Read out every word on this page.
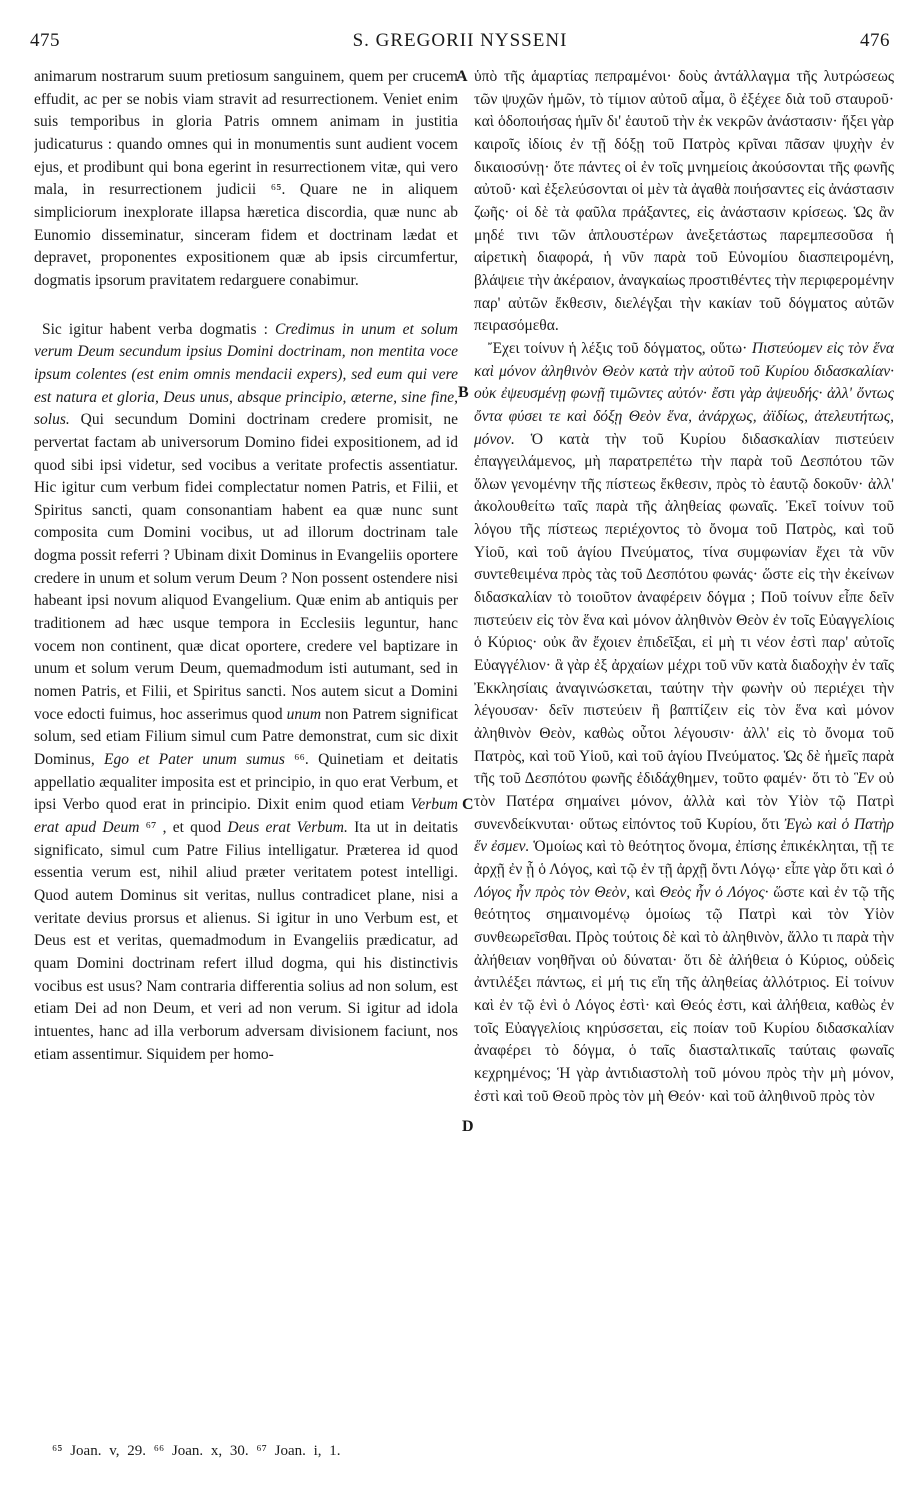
475	S. GREGORII NYSSENI	476

animarum nostrarum suum pretiosum sanguinem, quem per crucem effudit, ac per se nobis viam stravit ad resurrectionem. Veniet enim suis temporibus in gloria Patris omnem animam in justitia judicaturus : quando omnes qui in monumentis sunt audient vocem ejus, et prodibunt qui bona egerint in resurrectionem vitæ, qui vero mala, in resurrectionem judicii ⁶⁵. Quare ne in aliquem simpliciorum inexplorate illapsa hæretica discordia, quæ nunc ab Eunomio disseminatur, sinceram fidem et doctrinam lædat et depravet, proponentes expositionem quæ ab ipsis circumfertur, dogmatis ipsorum pravitatem redarguere conabimur.

Sic igitur habent verba dogmatis : Credimus in unum et solum verum Deum secundum ipsius Domini doctrinam, non mentita voce ipsum colentes (est enim omnis mendacii expers), sed eum qui vere est natura et gloria, Deus unus, absque principio, æterne, sine fine, solus. Qui secundum Domini doctrinam credere promisit, ne pervertat factam ab universorum Domino fidei expositionem, ad id quod sibi ipsi videtur, sed vocibus a veritate profectis assentiatur. Hic igitur cum verbum fidei complectatur nomen Patris, et Filii, et Spiritus sancti, quam consonantiam habent ea quæ nunc sunt composita cum Domini vocibus, ut ad illorum doctrinam tale dogma possit referri ? Ubinam dixit Dominus in Evangeliis oportere credere in unum et solum verum Deum ? Non possent ostendere nisi habeant ipsi novum aliquod Evangelium. Quæ enim ab antiquis per traditionem ad hæc usque tempora in Ecclesiis leguntur, hanc vocem non continent, quæ dicat oportere, credere vel baptizare in unum et solum verum Deum, quemadmodum isti autumant, sed in nomen Patris, et Filii, et Spiritus sancti. Nos autem sicut a Domini voce edocti fuimus, hoc asserimus quod unum non Patrem significat solum, sed etiam Filium simul cum Patre demonstrat, cum sic dixit Dominus, Ego et Pater unum sumus ⁶⁶. Quinetiam et deitatis appellatio æqualiter imposita est et principio, in quo erat Verbum, et ipsi Verbo quod erat in principio. Dixit enim quod etiam Verbum erat apud Deum ⁶⁷ , et quod Deus erat Verbum. Ita ut in deitatis significato, simul cum Patre Filius intelligatur. Præterea id quod essentia verum est, nihil aliud præter veritatem potest intelligi. Quod autem Dominus sit veritas, nullus contradicet plane, nisi a veritate devius prorsus et alienus. Si igitur in uno Verbum est, et Deus est et veritas, quemadmodum in Evangeliis prædicatur, ad quam Domini doctrinam refert illud dogma, qui his distinctivis vocibus est usus? Nam contraria differentia solius ad non solum, est etiam Dei ad non Deum, et veri ad non verum. Si igitur ad idola intuentes, hanc ad illa verborum adversam divisionem faciunt, nos etiam assentimur. Siquidem per homo-

A
B
C
D

ὑπὸ τῆς ἁμαρτίας πεπραμένοι· δοὺς ἀντάλλαγμα τῆς λυτρώσεως τῶν ψυχῶν ἡμῶν, τὸ τίμιον αὐτοῦ αἷμα, ὃ ἐξέχεε διὰ τοῦ σταυροῦ· καὶ ὁδοποιήσας ἡμῖν δι' ἑαυτοῦ τὴν ἐκ νεκρῶν ἀνάστασιν· ἥξει γὰρ καιροῖς ἰδίοις ἐν τῇ δόξῃ τοῦ Πατρὸς κρῖναι πᾶσαν ψυχὴν ἐν δικαιοσύνῃ· ὅτε πάντες οἱ ἐν τοῖς μνημείοις ἀκούσονται τῆς φωνῆς αὐτοῦ· καὶ ἐξελεύσονται οἱ μὲν τὰ ἀγαθὰ ποιήσαντες εἰς ἀνάστασιν ζωῆς· οἱ δὲ τὰ φαῦλα πράξαντες, εἰς ἀνάστασιν κρίσεως. Ὡς ἂν μηδέ τινι τῶν ἁπλουστέρων ἀνεξετάστως παρεμπεσοῦσα ἡ αἱρετικὴ διαφορά, ἡ νῦν παρὰ τοῦ Εὐνομίου διασπειρομένη, βλάψειε τὴν ἀκέραιον, ἀναγκαίως προστιθέντες τὴν περιφερομένην παρ' αὐτῶν ἔκθεσιν, διελέγξαι τὴν κακίαν τοῦ δόγματος αὐτῶν πειρασόμεθα.

Ἔχει τοίνυν ἡ λέξις τοῦ δόγματος, οὕτω· Πιστεύομεν εἰς τὸν ἕνα καὶ μόνον ἀληθινὸν Θεὸν κατὰ τὴν αὐτοῦ τοῦ Κυρίου διδασκαλίαν· οὐκ ἐψευσμένῃ φωνῇ τιμῶντες αὐτόν· ἔστι γὰρ ἀψευδής· ἀλλ' ὄντως ὄντα φύσει τε καὶ δόξῃ Θεὸν ἕνα, ἀνάρχως, ἀϊδίως, ἀτελευτήτως, μόνον. Ὁ κατὰ τὴν τοῦ Κυρίου διδασκαλίαν πιστεύειν ἐπαγγειλάμενος, μὴ παρατρεπέτω τὴν παρὰ τοῦ Δεσπότου τῶν ὅλων γενομένην τῆς πίστεως ἔκθεσιν, πρὸς τὸ ἑαυτῷ δοκοῦν· ἀλλ' ἀκολουθείτω ταῖς παρὰ τῆς ἀληθείας φωναῖς. Ἐκεῖ τοίνυν τοῦ λόγου τῆς πίστεως περιέχοντος τὸ ὄνομα τοῦ Πατρὸς, καὶ τοῦ Υἱοῦ, καὶ τοῦ ἁγίου Πνεύματος, τίνα συμφωνίαν ἔχει τὰ νῦν συντεθειμένα πρὸς τὰς τοῦ Δεσπότου φωνάς· ὥστε εἰς τὴν ἐκείνων διδασκαλίαν τὸ τοιοῦτον ἀναφέρειν δόγμα ; Ποῦ τοίνυν εἶπε δεῖν πιστεύειν εἰς τὸν ἕνα καὶ μόνον ἀληθινὸν Θεὸν ἐν τοῖς Εὐαγγελίοις ὁ Κύριος· οὐκ ἂν ἔχοιεν ἐπιδεῖξαι, εἰ μὴ τι νέον ἐστὶ παρ' αὐτοῖς Εὐαγγέλιον· ἃ γὰρ ἐξ ἀρχαίων μέχρι τοῦ νῦν κατὰ διαδοχὴν ἐν ταῖς Ἐκκλησίαις ἀναγινώσκεται, ταύτην τὴν φωνὴν οὐ περιέχει τὴν λέγουσαν· δεῖν πιστεύειν ἢ βαπτίζειν εἰς τὸν ἕνα καὶ μόνον ἀληθινὸν Θεὸν, καθὼς οὗτοι λέγουσιν· ἀλλ' εἰς τὸ ὄνομα τοῦ Πατρὸς, καὶ τοῦ Υἱοῦ, καὶ τοῦ ἁγίου Πνεύματος. Ὡς δὲ ἡμεῖς παρὰ τῆς τοῦ Δεσπότου φωνῆς ἐδιδάχθημεν, τοῦτο φαμέν· ὅτι τὸ Ἓν οὐ τὸν Πατέρα σημαίνει μόνον, ἀλλὰ καὶ τὸν Υἱὸν τῷ Πατρὶ συνενδείκνυται· οὕτως εἰπόντος τοῦ Κυρίου, ὅτι Ἐγὼ καὶ ὁ Πατὴρ ἕν ἐσμεν. Ὁμοίως καὶ τὸ θεότητος ὄνομα, ἐπίσης ἐπικέκληται, τῇ τε ἀρχῇ ἐν ᾗ ὁ Λόγος, καὶ τῷ ἐν τῇ ἀρχῇ ὄντι Λόγῳ· εἶπε γὰρ ὅτι καὶ ὁ Λόγος ἦν πρὸς τὸν Θεὸν, καὶ Θεὸς ἦν ὁ Λόγος· ὥστε καὶ ἐν τῷ τῆς θεότητος σημαινομένῳ ὁμοίως τῷ Πατρὶ καὶ τὸν Υἱὸν συνθεωρεῖσθαι. Πρὸς τούτοις δὲ καὶ τὸ ἀληθινὸν, ἄλλο τι παρὰ τὴν ἀλήθειαν νοηθῆναι οὐ δύναται· ὅτι δὲ ἀλήθεια ὁ Κύριος, οὐδεὶς ἀντιλέξει πάντως, εἰ μή τις εἴη τῆς ἀληθείας ἀλλότριος. Εἰ τοίνυν καὶ ἐν τῷ ἑνὶ ὁ Λόγος ἐστὶ· καὶ Θεός ἐστι, καὶ ἀλήθεια, καθὼς ἐν τοῖς Εὐαγγελίοις κηρύσσεται, εἰς ποίαν τοῦ Κυρίου διδασκαλίαν ἀναφέρει τὸ δόγμα, ὁ ταῖς διασταλτικαῖς ταύταις φωναῖς κεχρημένος; Ἡ γὰρ ἀντιδιαστολὴ τοῦ μόνου πρὸς τὴν μὴ μόνον, ἐστὶ καὶ τοῦ Θεοῦ πρὸς τὸν μὴ Θεόν· καὶ τοῦ ἀληθινοῦ πρὸς τὸν

⁶⁵ Joan. v, 29. ⁶⁶ Joan. x, 30. ⁶⁷ Joan. i, 1.
